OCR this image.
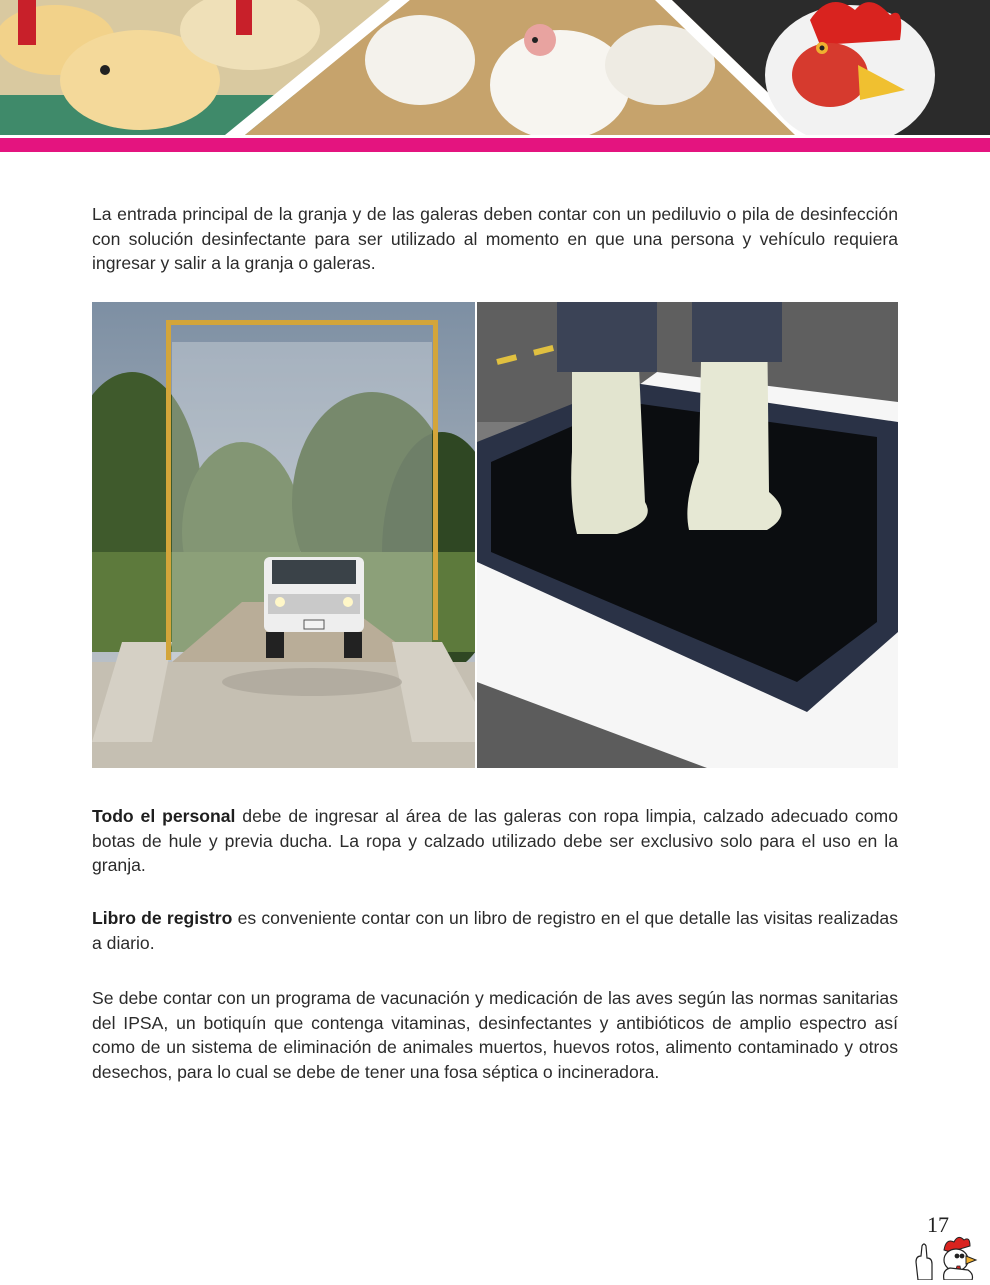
La entrada principal de la granja y de las galeras deben contar con un pediluvio o pila de desinfección con solución desinfectante para ser utilizado al momento en que una persona y vehículo requiera ingresar y salir a la granja o galeras.

Todo el personal debe de ingresar al área de las galeras con ropa limpia, calzado adecuado como botas de hule y previa ducha. La ropa y calzado utilizado debe ser exclusivo solo para el uso en la granja.

Libro de registro es conveniente contar con un libro de registro en el que detalle las visitas realizadas a diario.

Se debe contar con un programa de vacunación y medicación de las aves según las normas sanitarias del IPSA, un botiquín que contenga vitaminas, desinfectantes y antibióticos de amplio espectro así como de un sistema de eliminación de animales muertos, huevos rotos, alimento contaminado y otros desechos, para lo cual se debe de tener una fosa séptica o incineradora.

17
